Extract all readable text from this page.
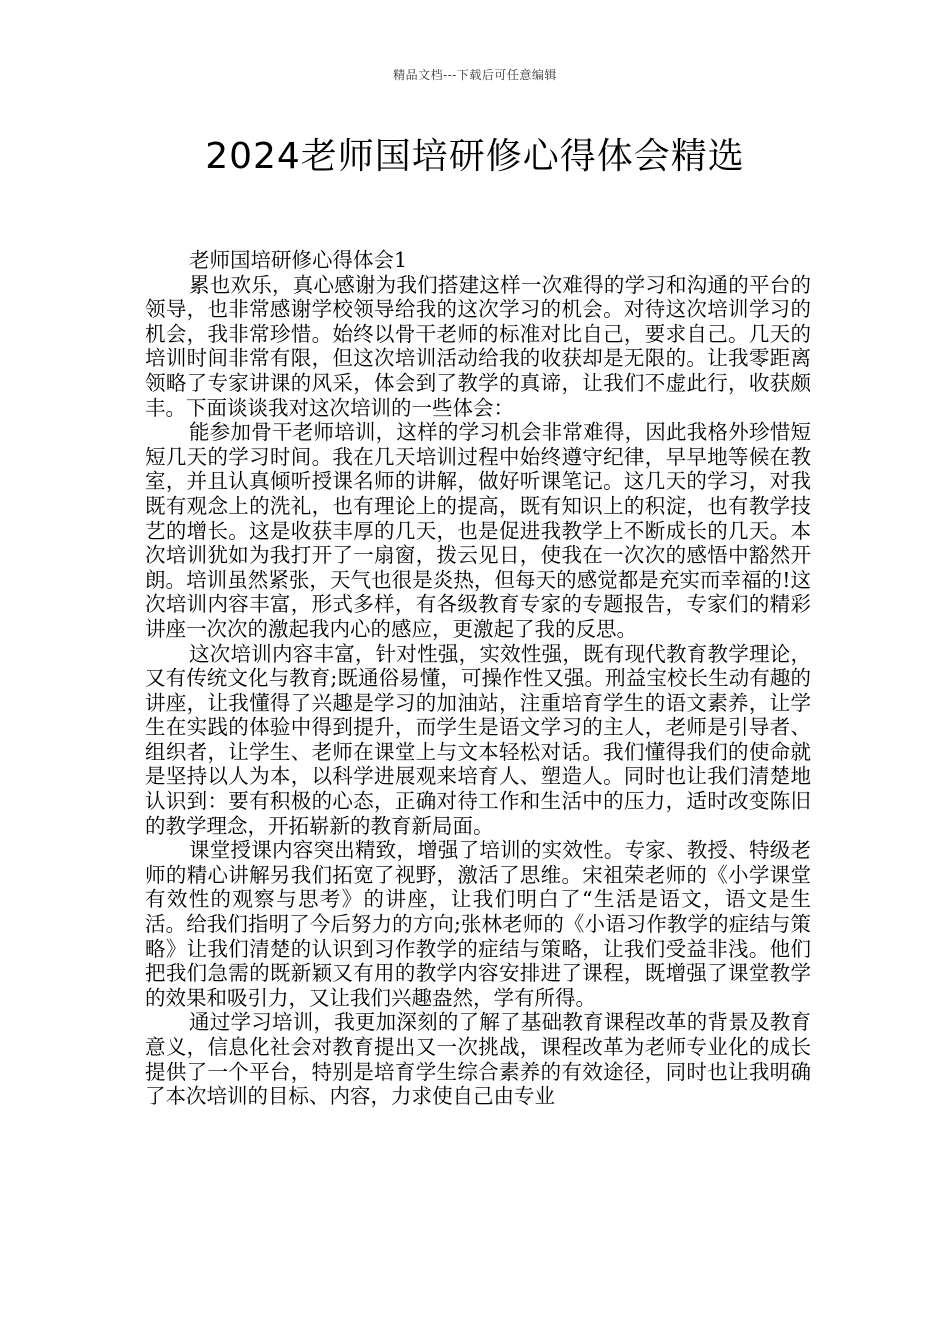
精品文档---下载后可任意编辑
2024老师国培研修心得体会精选

老师国培研修心得体会1

累也欢乐，真心感谢为我们搭建这样一次难得的学习和沟通的平台的领导，也非常感谢学校领导给我的这次学习的机会。对待这次培训学习的机会，我非常珍惜。始终以骨干老师的标准对比自己，要求自己。几天的培训时间非常有限，但这次培训活动给我的收获却是无限的。让我零距离领略了专家讲课的风采，体会到了教学的真谛，让我们不虚此行，收获颇丰。下面谈谈我对这次培训的一些体会：

能参加骨干老师培训，这样的学习机会非常难得，因此我格外珍惜短短几天的学习时间。我在几天培训过程中始终遵守纪律，早早地等候在教室，并且认真倾听授课名师的讲解，做好听课笔记。这几天的学习，对我既有观念上的洗礼，也有理论上的提高，既有知识上的积淀，也有教学技艺的增长。这是收获丰厚的几天，也是促进我教学上不断成长的几天。本次培训犹如为我打开了一扇窗，拨云见日，使我在一次次的感悟中豁然开朗。培训虽然紧张，天气也很是炎热，但每天的感觉都是充实而幸福的!这次培训内容丰富，形式多样，有各级教育专家的专题报告，专家们的精彩讲座一次次的激起我内心的感应，更激起了我的反思。

这次培训内容丰富，针对性强，实效性强，既有现代教育教学理论，又有传统文化与教育;既通俗易懂，可操作性又强。刑益宝校长生动有趣的讲座，让我懂得了兴趣是学习的加油站，注重培育学生的语文素养，让学生在实践的体验中得到提升，而学生是语文学习的主人，老师是引导者、组织者，让学生、老师在课堂上与文本轻松对话。我们懂得我们的使命就是坚持以人为本，以科学进展观来培育人、塑造人。同时也让我们清楚地认识到：要有积极的心态，正确对待工作和生活中的压力，适时改变陈旧的教学理念，开拓崭新的教育新局面。

课堂授课内容突出精致，增强了培训的实效性。专家、教授、特级老师的精心讲解另我们拓宽了视野，激活了思维。宋祖荣老师的《小学课堂有效性的观察与思考》的讲座，让我们明白了“生活是语文，语文是生活。给我们指明了今后努力的方向;张林老师的《小语习作教学的症结与策略》让我们清楚的认识到习作教学的症结与策略，让我们受益非浅。他们把我们急需的既新颖又有用的教学内容安排进了课程，既增强了课堂教学的效果和吸引力，又让我们兴趣盎然，学有所得。

通过学习培训，我更加深刻的了解了基础教育课程改革的背景及教育意义，信息化社会对教育提出又一次挑战，课程改革为老师专业化的成长提供了一个平台，特别是培育学生综合素养的有效途径，同时也让我明确了本次培训的目标、内容，力求使自己由专业
